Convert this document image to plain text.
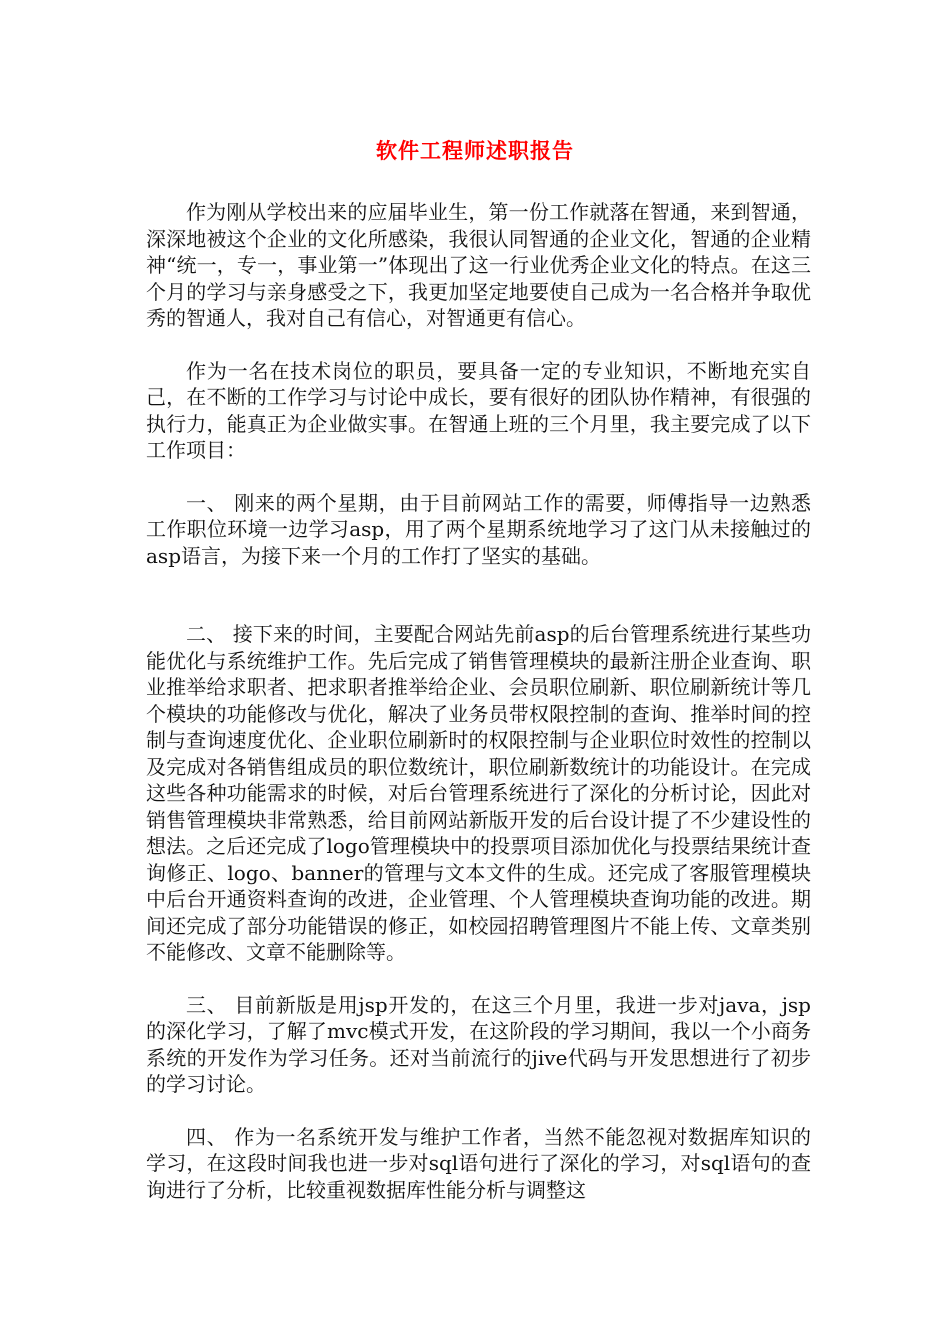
软件工程师述职报告

作为刚从学校出来的应届毕业生，第一份工作就落在智通，来到智通，深深地被这个企业的文化所感染，我很认同智通的企业文化，智通的企业精神“统一，专一，事业第一”体现出了这一行业优秀企业文化的特点。在这三个月的学习与亲身感受之下，我更加坚定地要使自己成为一名合格并争取优秀的智通人，我对自己有信心，对智通更有信心。

作为一名在技术岗位的职员，要具备一定的专业知识，不断地充实自己，在不断的工作学习与讨论中成长，要有很好的团队协作精神，有很强的执行力，能真正为企业做实事。在智通上班的三个月里，我主要完成了以下工作项目：

一、 刚来的两个星期，由于目前网站工作的需要，师傅指导一边熟悉工作职位环境一边学习asp，用了两个星期系统地学习了这门从未接触过的asp语言，为接下来一个月的工作打了坚实的基础。

二、 接下来的时间，主要配合网站先前asp的后台管理系统进行某些功能优化与系统维护工作。先后完成了销售管理模块的最新注册企业查询、职业推举给求职者、把求职者推举给企业、会员职位刷新、职位刷新统计等几个模块的功能修改与优化，解决了业务员带权限控制的查询、推举时间的控制与查询速度优化、企业职位刷新时的权限控制与企业职位时效性的控制以及完成对各销售组成员的职位数统计，职位刷新数统计的功能设计。在完成这些各种功能需求的时候，对后台管理系统进行了深化的分析讨论，因此对销售管理模块非常熟悉，给目前网站新版开发的后台设计提了不少建设性的想法。之后还完成了logo管理模块中的投票项目添加优化与投票结果统计查询修正、logo、banner的管理与文本文件的生成。还完成了客服管理模块中后台开通资料查询的改进，企业管理、个人管理模块查询功能的改进。期间还完成了部分功能错误的修正，如校园招聘管理图片不能上传、文章类别不能修改、文章不能删除等。

三、 目前新版是用jsp开发的，在这三个月里，我进一步对java，jsp的深化学习，了解了mvc模式开发，在这阶段的学习期间，我以一个小商务系统的开发作为学习任务。还对当前流行的jive代码与开发思想进行了初步的学习讨论。

四、 作为一名系统开发与维护工作者，当然不能忽视对数据库知识的学习，在这段时间我也进一步对sql语句进行了深化的学习，对sql语句的查询进行了分析，比较重视数据库性能分析与调整这
